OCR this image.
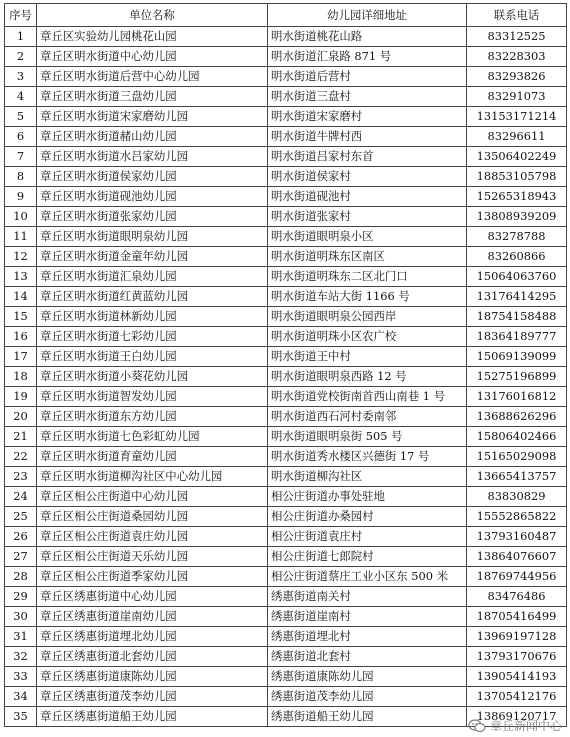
序号	单位名称	幼儿园详细地址	联系电话
1	章丘区实验幼儿园桃花山园	明水街道桃花山路	83312525
2	章丘区明水街道中心幼儿园	明水街道汇泉路 871 号	83228303
3	章丘区明水街道后营中心幼儿园	明水街道后营村	83293826
4	章丘区明水街道三盘幼儿园	明水街道三盘村	83291073
5	章丘区明水街道宋家磨幼儿园	明水街道宋家磨村	13153171214
6	章丘区明水街道赭山幼儿园	明水街道牛牌村西	83296611
7	章丘区明水街道水吕家幼儿园	明水街道吕家村东首	13506402249
8	章丘区明水街道侯家幼儿园	明水街道侯家村	18853105798
9	章丘区明水街道砚池幼儿园	明水街道砚池村	15265318943
10	章丘区明水街道张家幼儿园	明水街道张家村	13808939209
11	章丘区明水街道眼明泉幼儿园	明水街道眼明泉小区	83278788
12	章丘区明水街道金童年幼儿园	明水街道明珠东区南区	83260866
13	章丘区明水街道汇泉幼儿园	明水街道明珠东二区北门口	15064063760
14	章丘区明水街道红黄蓝幼儿园	明水街道车站大街 1166 号	13176414295
15	章丘区明水街道林新幼儿园	明水街道眼明泉公园西岸	18754158488
16	章丘区明水街道七彩幼儿园	明水街道明珠小区农广校	18364189777
17	章丘区明水街道王白幼儿园	明水街道王中村	15069139099
18	章丘区明水街道小葵花幼儿园	明水街道眼明泉西路 12 号	15275196899
19	章丘区明水街道智发幼儿园	明水街道党校街南首西山南巷 1 号	13176016812
20	章丘区明水街道东方幼儿园	明水街道西石河村委南邻	13688626296
21	章丘区明水街道七色彩虹幼儿园	明水街道眼明泉街 505 号	15806402466
22	章丘区明水街道育童幼儿园	明水街道秀水楼区兴德街 17 号	15165029098
23	章丘区明水街道柳沟社区中心幼儿园	明水街道柳沟社区	13665413757
24	章丘区相公庄街道中心幼儿园	相公庄街道办事处驻地	83830829
25	章丘区相公庄街道桑园幼儿园	相公庄街道办桑园村	15552865822
26	章丘区相公庄街道袁庄幼儿园	相公庄街道袁庄村	13793160487
27	章丘区相公庄街道天乐幼儿园	相公庄街道七郎院村	13864076607
28	章丘区相公庄街道季家幼儿园	相公庄街道蔡庄工业小区东 500 米	18769744956
29	章丘区绣惠街道中心幼儿园	绣惠街道南关村	83476486
30	章丘区绣惠街道崖南幼儿园	绣惠街道崖南村	18705416499
31	章丘区绣惠街道埋北幼儿园	绣惠街道埋北村	13969197128
32	章丘区绣惠街道北套幼儿园	绣惠街道北套村	13793170676
33	章丘区绣惠街道康陈幼儿园	绣惠街道康陈幼儿园	13905414193
34	章丘区绣惠街道茂李幼儿园	绣惠街道茂李幼儿园	13705412176
35	章丘区绣惠街道船王幼儿园	绣惠街道船王幼儿园	13869120717
章丘新闻中心
